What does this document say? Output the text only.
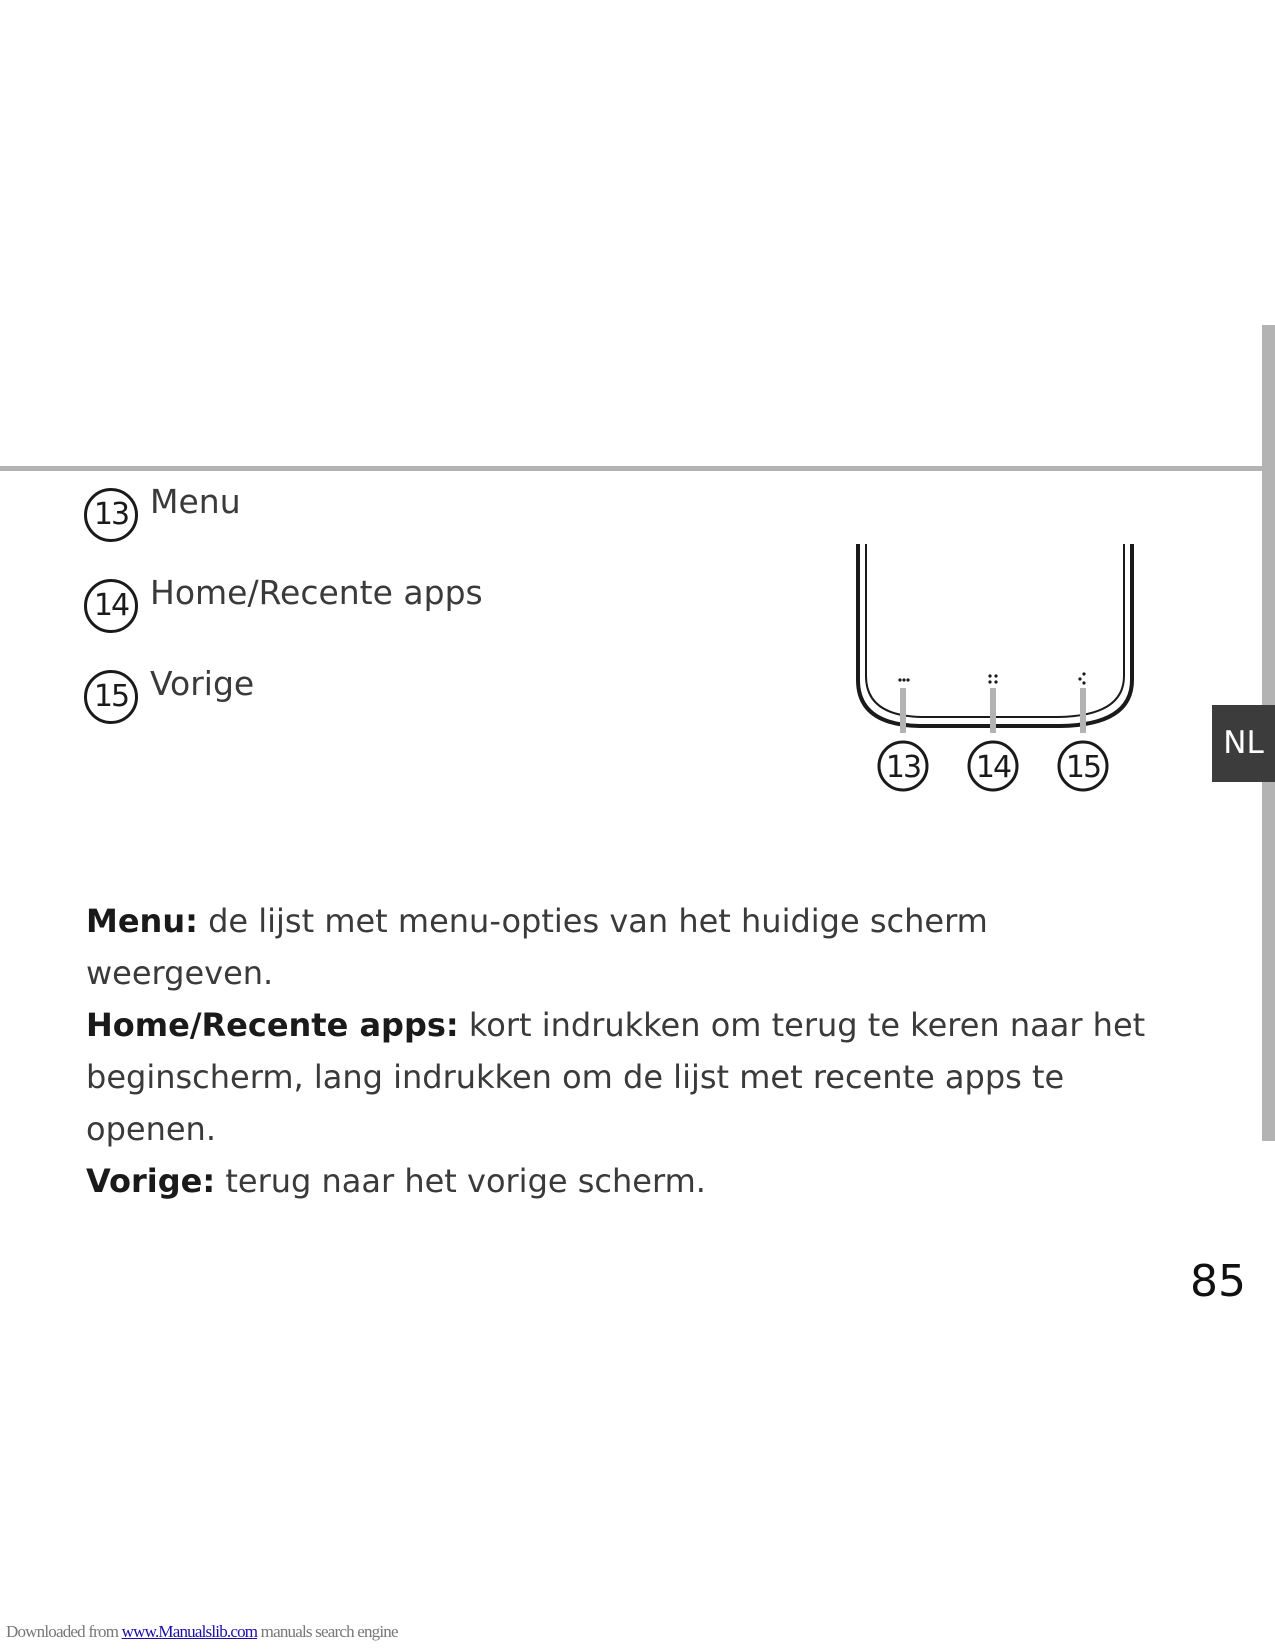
NL
13 Menu
14 Home/Recente apps
15 Vorige
13 14 15

Menu: de lijst met menu-opties van het huidige scherm weergeven.

Home/Recente apps: kort indrukken om terug te keren naar het beginscherm, lang indrukken om de lijst met recente apps te openen.

Vorige: terug naar het vorige scherm.

85
Downloaded from www.Manualslib.com manuals search engine
